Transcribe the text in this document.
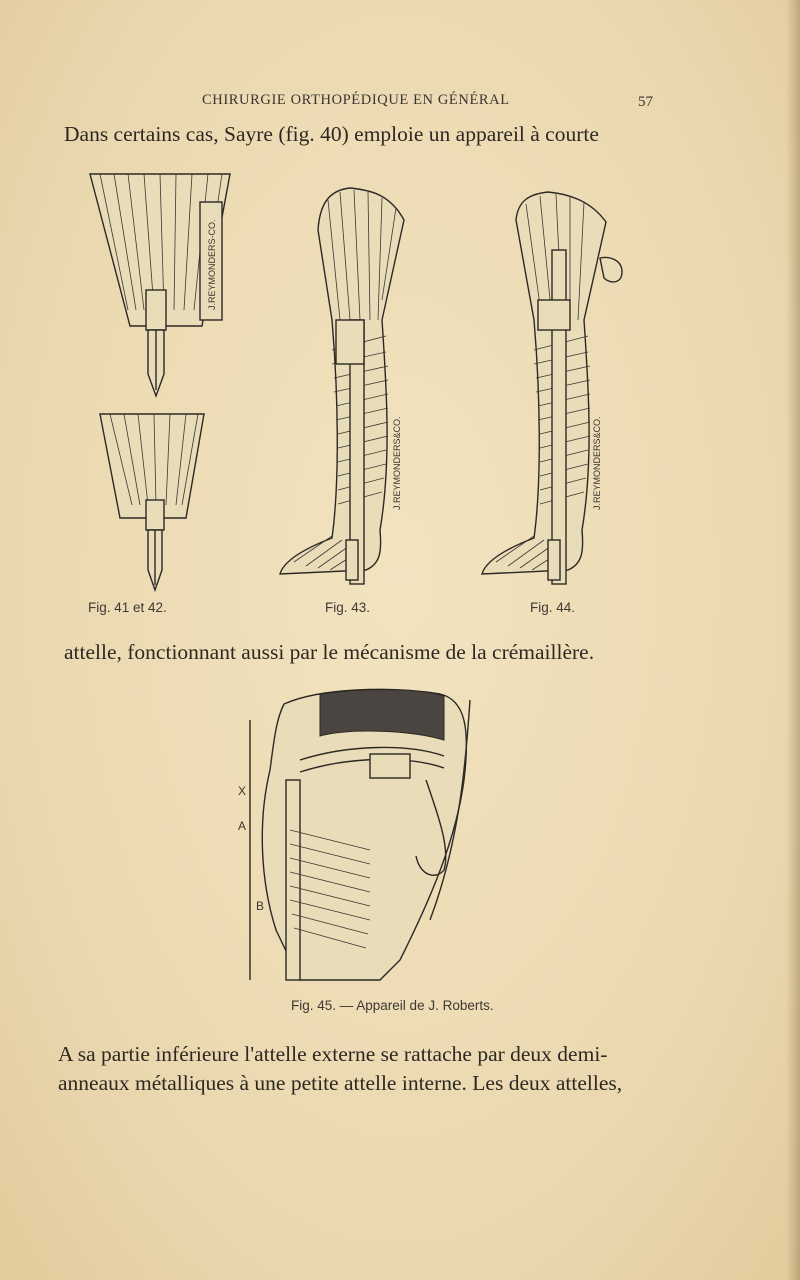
CHIRURGIE ORTHOPÉDIQUE EN GÉNÉRAL	57
Dans certains cas, Sayre (fig. 40) emploie un appareil à courte
J.REYMONDERS-CO.
J.REYMONDERS&CO.	J.REYMONDERS&CO.
Fig. 41 et 42.	Fig. 43.	Fig. 44.
attelle, fonctionnant aussi par le mécanisme de la crémaillère.
X
A
B
Fig. 45. — Appareil de J. Roberts.
A sa partie inférieure l'attelle externe se rattache par deux demi-
anneaux métalliques à une petite attelle interne. Les deux attelles,
